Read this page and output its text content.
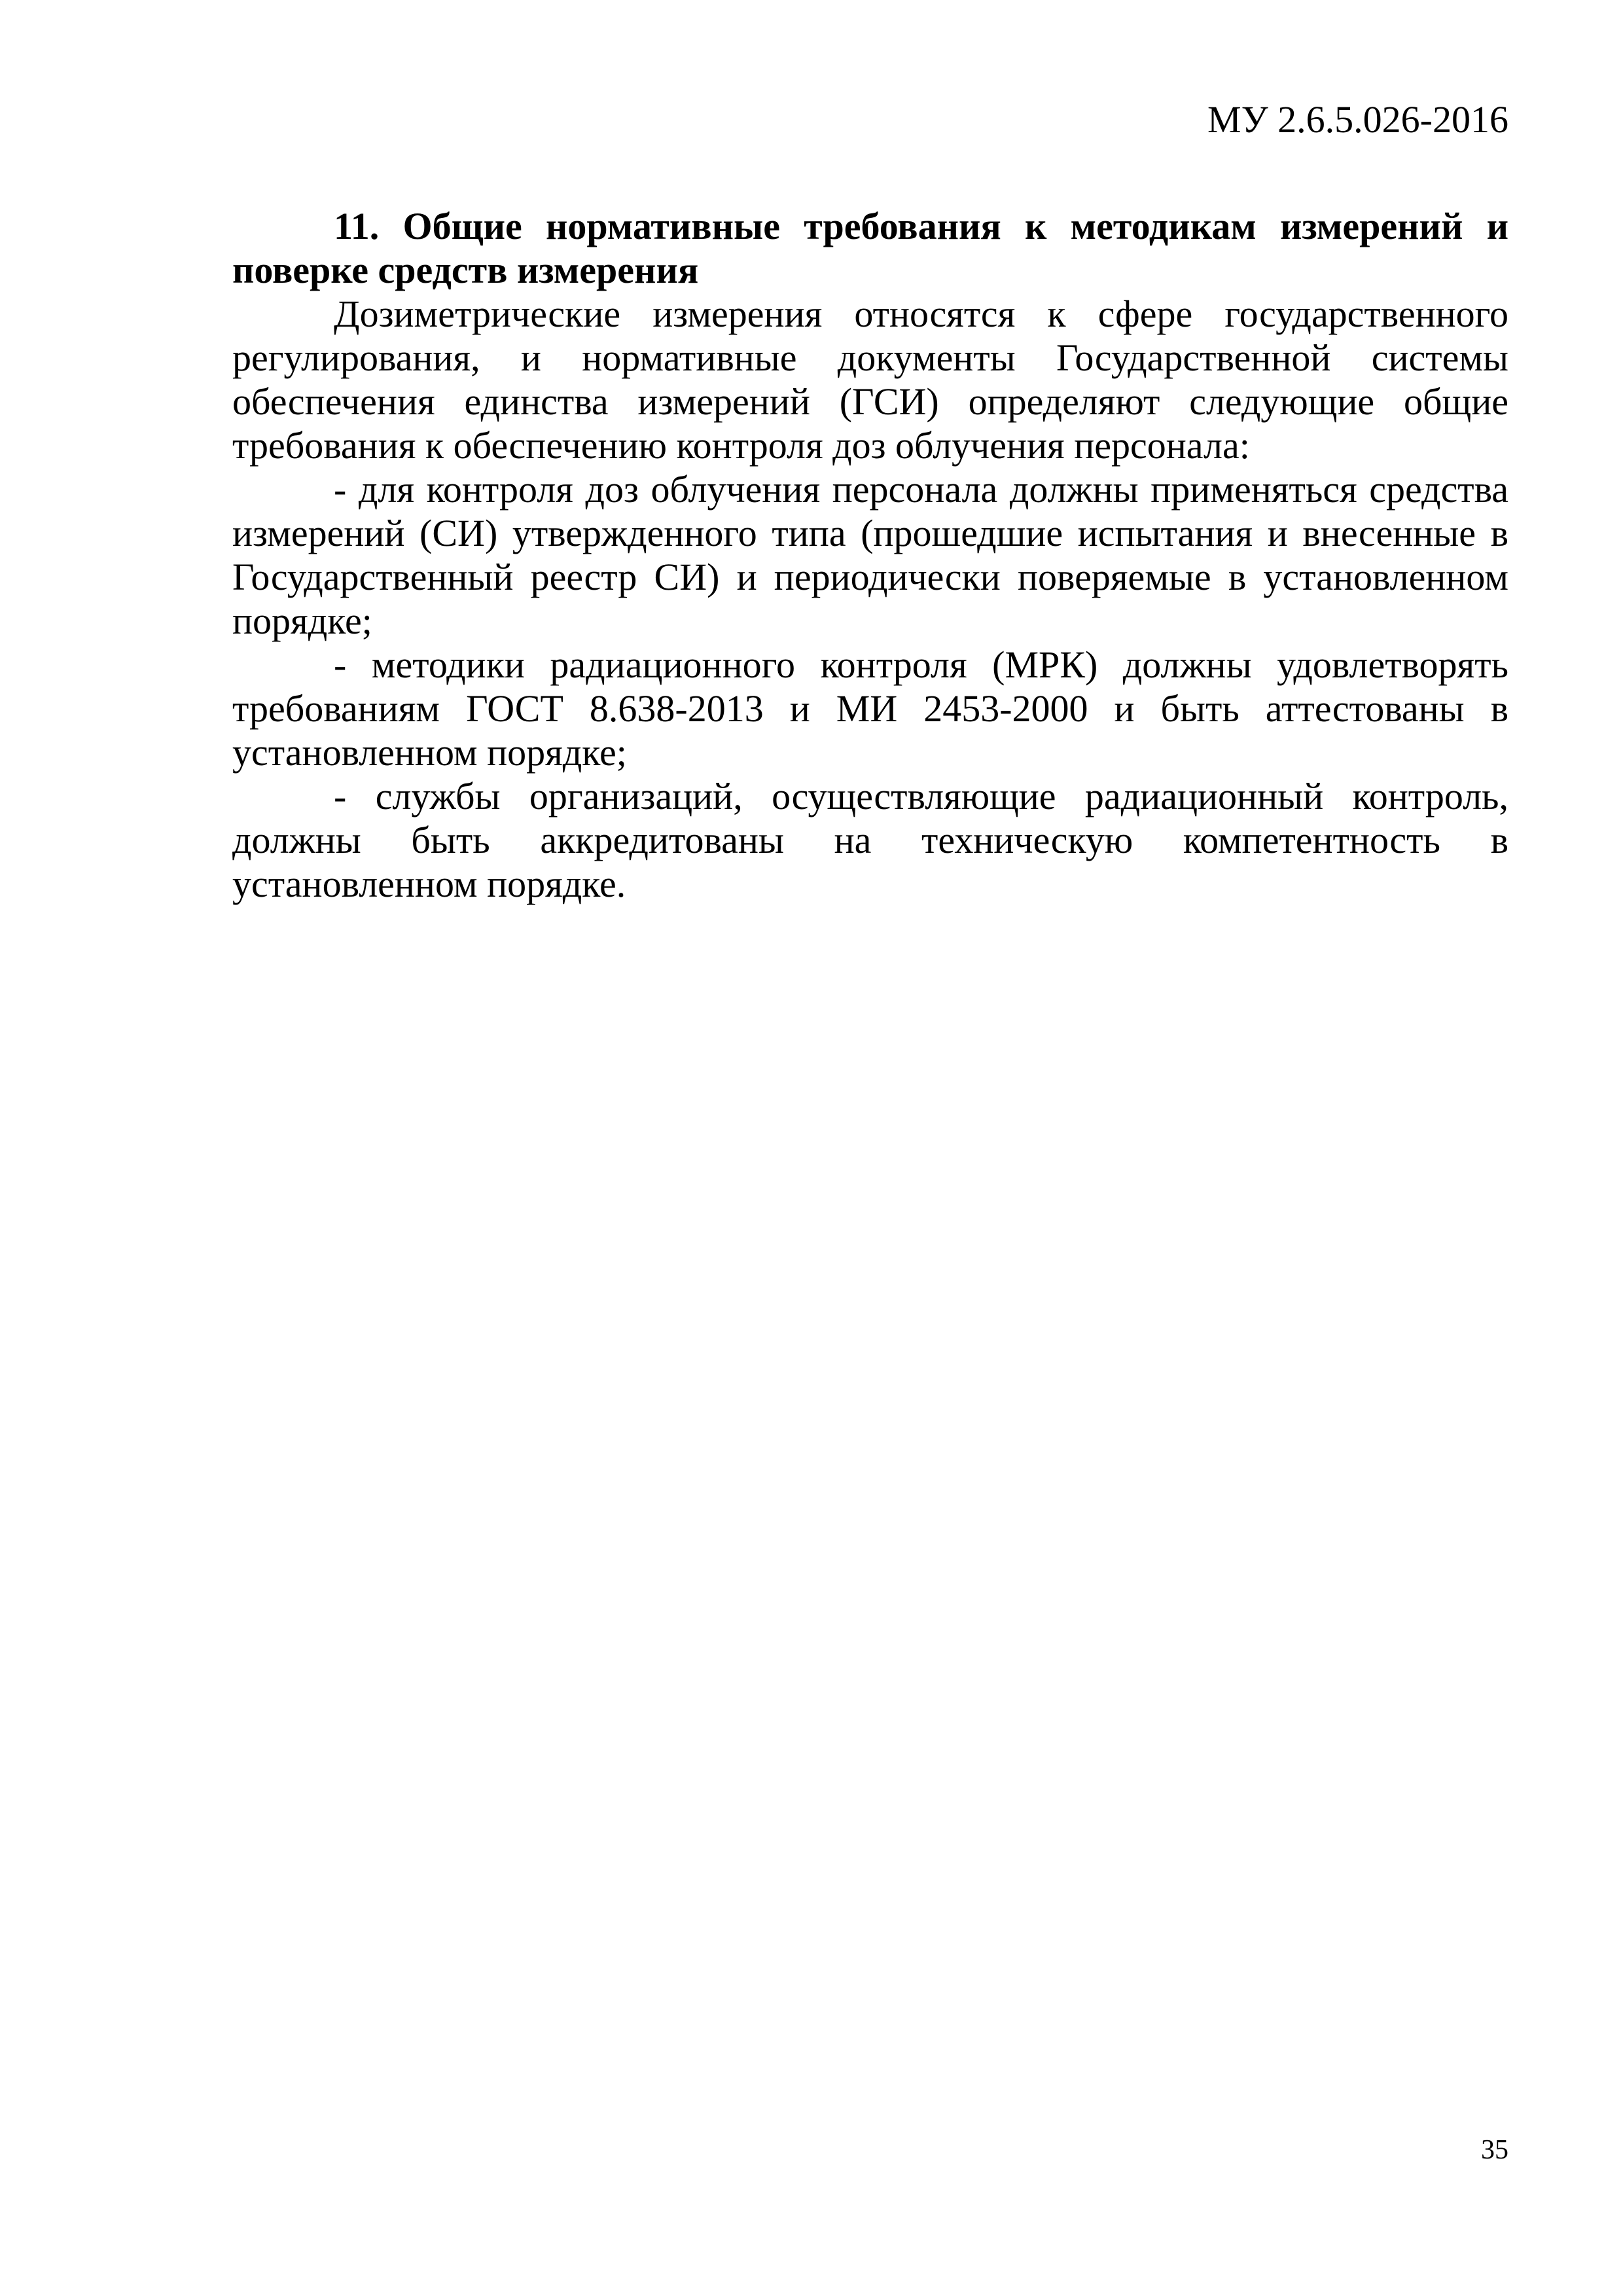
МУ 2.6.5.026-2016

11. Общие нормативные требования к методикам измерений и поверке средств измерения

Дозиметрические измерения относятся к сфере государственного регулирования, и нормативные документы Государственной системы обеспечения единства измерений (ГСИ) определяют следующие общие требования к обеспечению контроля доз облучения персонала:

- для контроля доз облучения персонала должны применяться средства измерений (СИ) утвержденного типа (прошедшие испытания и внесенные в Государственный реестр СИ) и периодически поверяемые в установленном порядке;

- методики радиационного контроля (МРК) должны удовлетворять требованиям ГОСТ 8.638-2013 и МИ 2453-2000 и быть аттестованы в установленном порядке;

- службы организаций, осуществляющие радиационный контроль, должны быть аккредитованы на техническую компетентность в установленном порядке.

35
